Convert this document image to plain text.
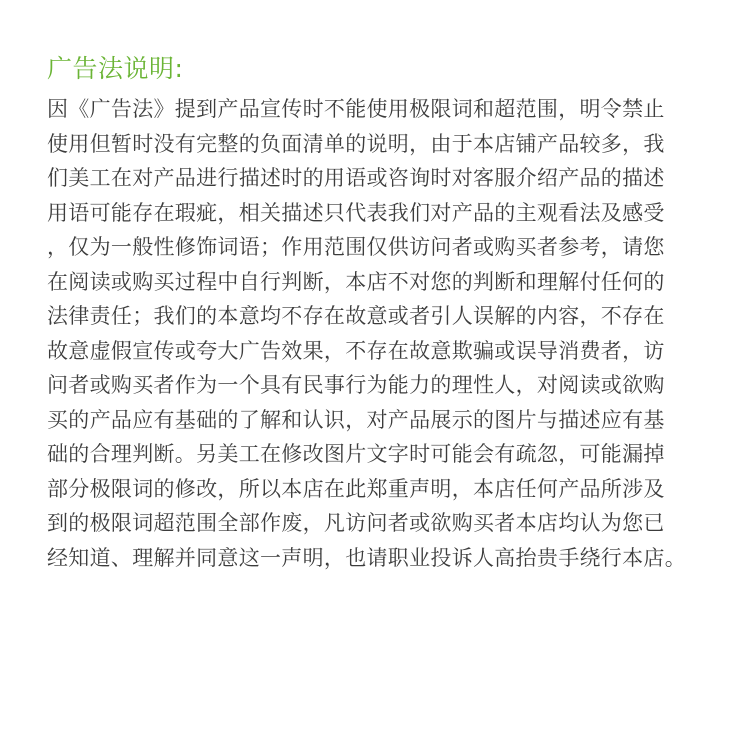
广告法说明:
因《广告法》提到产品宣传时不能使用极限词和超范围，明令禁止
使用但暂时没有完整的负面清单的说明，由于本店铺产品较多，我
们美工在对产品进行描述时的用语或咨询时对客服介绍产品的描述
用语可能存在瑕疵，相关描述只代表我们对产品的主观看法及感受
，仅为一般性修饰词语；作用范围仅供访问者或购买者参考，请您
在阅读或购买过程中自行判断，本店不对您的判断和理解付任何的
法律责任；我们的本意均不存在故意或者引人误解的内容，不存在
故意虚假宣传或夸大广告效果，不存在故意欺骗或误导消费者，访
问者或购买者作为一个具有民事行为能力的理性人，对阅读或欲购
买的产品应有基础的了解和认识，对产品展示的图片与描述应有基
础的合理判断。另美工在修改图片文字时可能会有疏忽，可能漏掉
部分极限词的修改，所以本店在此郑重声明，本店任何产品所涉及
到的极限词超范围全部作废，凡访问者或欲购买者本店均认为您已
经知道、理解并同意这一声明，也请职业投诉人高抬贵手绕行本店。
